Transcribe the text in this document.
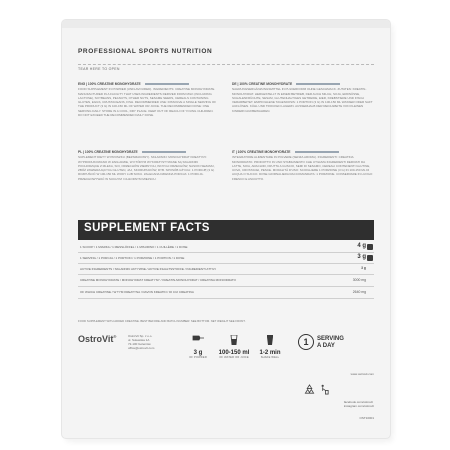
PROFESSIONAL SPORTS NUTRITION
TEAR HERE TO OPEN
ENG | 100% CREATINE MONOHYDRATE

FOOD SUPPLEMENT IN POWDER (UNFLAVOURED). INGREDIENTS: CREATINE MONOHYDRATE. MANUFACTURED IN A FACILITY THAT USES INGREDIENTS DERIVED FROM MILK (INCLUDING LACTOSE), SOYBEANS, PEANUTS, OTHER NUTS, SESAME SEEDS, CEREALS CONTAINING GLUTEN, EGGS, CRUSTACEANS, FISH. RECOMMENDED USE: DISSOLVE A SINGLE SERVING OF THE PRODUCT (3 G) IN 100-150 ML OF WATER OR JUICE. THE RECOMMENDED DOSE: ONE SERVING DAILY. STORE IN A COOL, DRY PLACE. KEEP OUT OF REACH OF YOUNG CHILDREN. DO NOT EXCEED THE RECOMMENDED DAILY DOSE.

DE | 100% CREATINE MONOHYDRATE

NAHRUNGSERGÄNZUNGSMITTEL IN PULVERFORM OHNE GESCHMACK. ZUTATEN: KREATIN-MONOHYDRAT. HERGESTELLT IN EINEM BETRIEB, DER AUCH MILCH, SOJA, ERDNÜSSE, SCHALENFRÜCHTE, SESAM, GLUTENHALTIGES GETREIDE, EIER, KREBSTIERE UND FISCH VERARBEITET. EMPFOHLENE TAGESDOSIS: 1 PORTION (3 G) IN 100-150 ML WASSER ODER SAFT AUFLÖSEN. KÜHL UND TROCKEN LAGERN. AUSSERHALB DER REICHWEITE VON KLEINEN KINDERN AUFBEWAHREN.

PL | 100% CREATINE MONOHYDRATE

SUPLEMENT DIETY W PROSZKU (BEZSMAKOWY). SKŁADNIKI: MONOHYDRAT KREATYNY. WYPRODUKOWANO W ZAKŁADZIE, W KTÓRYM WYKORZYSTYWANE SĄ SKŁADNIKI POCHODZĄCE Z MLEKA, SOI, ORZECHÓW ZIEMNYCH, INNYCH ORZECHÓW, NASION SEZAMU, ZBÓŻ ZAWIERAJĄCYCH GLUTEN, JAJ, SKORUPIAKÓW, RYB. SPOSÓB UŻYCIA: 1 PORCJĘ (3 G) ROZPUŚCIĆ W 100-150 ML WODY LUB SOKU. ZALECANA DZIENNA PORCJA: 1 PORCJA. PRZECHOWYWAĆ W SUCHYM I CHŁODNYM MIEJSCU.

IT | 100% CREATINE MONOHYDRATE

INTEGRATORE ALIMENTARE IN POLVERE (SENZA AROMA). INGREDIENTI: CREATINA MONOIDRATO. PRODOTTO IN UNO STABILIMENTO CHE UTILIZZA INGREDIENTI DERIVATI DA LATTE, SOIA, ARACHIDI, FRUTTA A GUSCIO, SEMI DI SESAMO, CEREALI CONTENENTI GLUTINE, UOVA, CROSTACEI, PESCE. MODALITÀ D'USO: SCIOGLIERE 1 PORZIONE (3 G) IN 100-150 ML DI ACQUA O SUCCO. DOSE GIORNALIERA RACCOMANDATA: 1 PORZIONE. CONSERVARE IN LUOGO FRESCO E ASCIUTTO.

SUPPLEMENT FACTS
1 SCOOP / 1 MIARKA / 1 MESSLÖFFEL / 1 MISURINO / 1 CUILLÈRE / 1 DOSE	4 g
1 SERVING / 1 PORCJA / 1 PORTION / 1 PORZIONE / 1 PORTION / 1 DOSE	3 g
ACTIVE INGREDIENTS / SKŁADNIKI AKTYWNE / AKTIVE INHALTSSTOFFE / INGREDIENTI ATTIVI	3 g
CREATINE MONOHYDRATE / MONOHYDRAT KREATYNY / KREATIN-MONOHYDRAT / CREATINA MONOIDRATO	3000 mg
OF WHICH CREATINE / W TYM KREATYNA / DAVON KREATIN / DI CUI CREATINA	2640 mg
FOOD SUPPLEMENT WITH ADDED CREATINE. BEST BEFORE AND BATCH NUMBER: SEE BOTTOM. NET WEIGHT SEE FRONT.
OstroVit®	OstroVit Sp. z o.o.
ul. Sulewska 1A
72-100 Goleniów
office@ostrovit.com
3 g
OF POWDER
100-150 ml
OF WATER OR JUICE
1-2 min
SHAKE WELL
1	SERVING
A DAY
www.ostrovit.com
facebook.com/ostrovit
instagram.com/ostrovit
OST10001
